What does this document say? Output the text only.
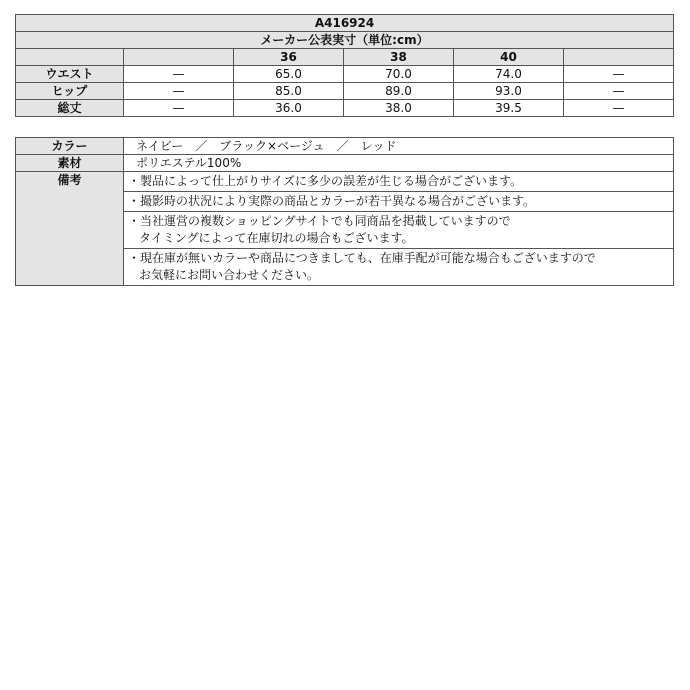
A416924					
メーカー公表実寸（単位:cm）					
		36	38	40	
ウエスト	—	65.0	70.0	74.0	—
ヒップ	—	85.0	89.0	93.0	—
総丈	—	36.0	38.0	39.5	—
カラー	ネイビー　／　ブラック×ベージュ　／　レッド
素材	ポリエステル100%
備考	・製品によって仕上がりサイズに多少の誤差が生じる場合がございます。

	・撮影時の状況により実際の商品とカラーが若干異なる場合がございます。

	・当社運営の複数ショッピングサイトでも同商品を掲載していますので
タイミングによって在庫切れの場合もございます。

	・現在庫が無いカラーや商品につきましても、在庫手配が可能な場合もございますので
お気軽にお問い合わせください。
